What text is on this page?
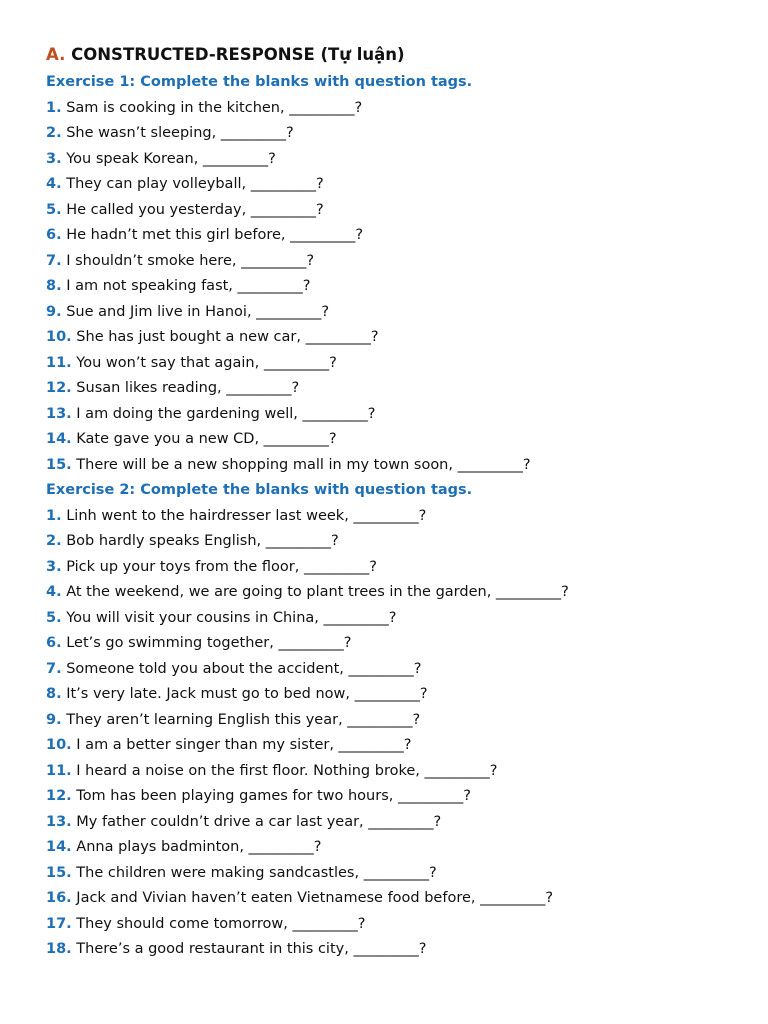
A. CONSTRUCTED-RESPONSE (Tự luận)
Exercise 1: Complete the blanks with question tags.
1. Sam is cooking in the kitchen, _________?
2. She wasn’t sleeping, _________?
3. You speak Korean, _________?
4. They can play volleyball, _________?
5. He called you yesterday, _________?
6. He hadn’t met this girl before, _________?
7. I shouldn’t smoke here, _________?
8. I am not speaking fast, _________?
9. Sue and Jim live in Hanoi, _________?
10. She has just bought a new car, _________?
11. You won’t say that again, _________?
12. Susan likes reading, _________?
13. I am doing the gardening well, _________?
14. Kate gave you a new CD, _________?
15. There will be a new shopping mall in my town soon, _________?
Exercise 2: Complete the blanks with question tags.
1. Linh went to the hairdresser last week, _________?
2. Bob hardly speaks English, _________?
3. Pick up your toys from the floor, _________?
4. At the weekend, we are going to plant trees in the garden, _________?
5. You will visit your cousins in China, _________?
6. Let’s go swimming together, _________?
7. Someone told you about the accident, _________?
8. It’s very late. Jack must go to bed now, _________?
9. They aren’t learning English this year, _________?
10. I am a better singer than my sister, _________?
11. I heard a noise on the first floor. Nothing broke, _________?
12. Tom has been playing games for two hours, _________?
13. My father couldn’t drive a car last year, _________?
14. Anna plays badminton, _________?
15. The children were making sandcastles, _________?
16. Jack and Vivian haven’t eaten Vietnamese food before, _________?
17. They should come tomorrow, _________?
18. There’s a good restaurant in this city, _________?
